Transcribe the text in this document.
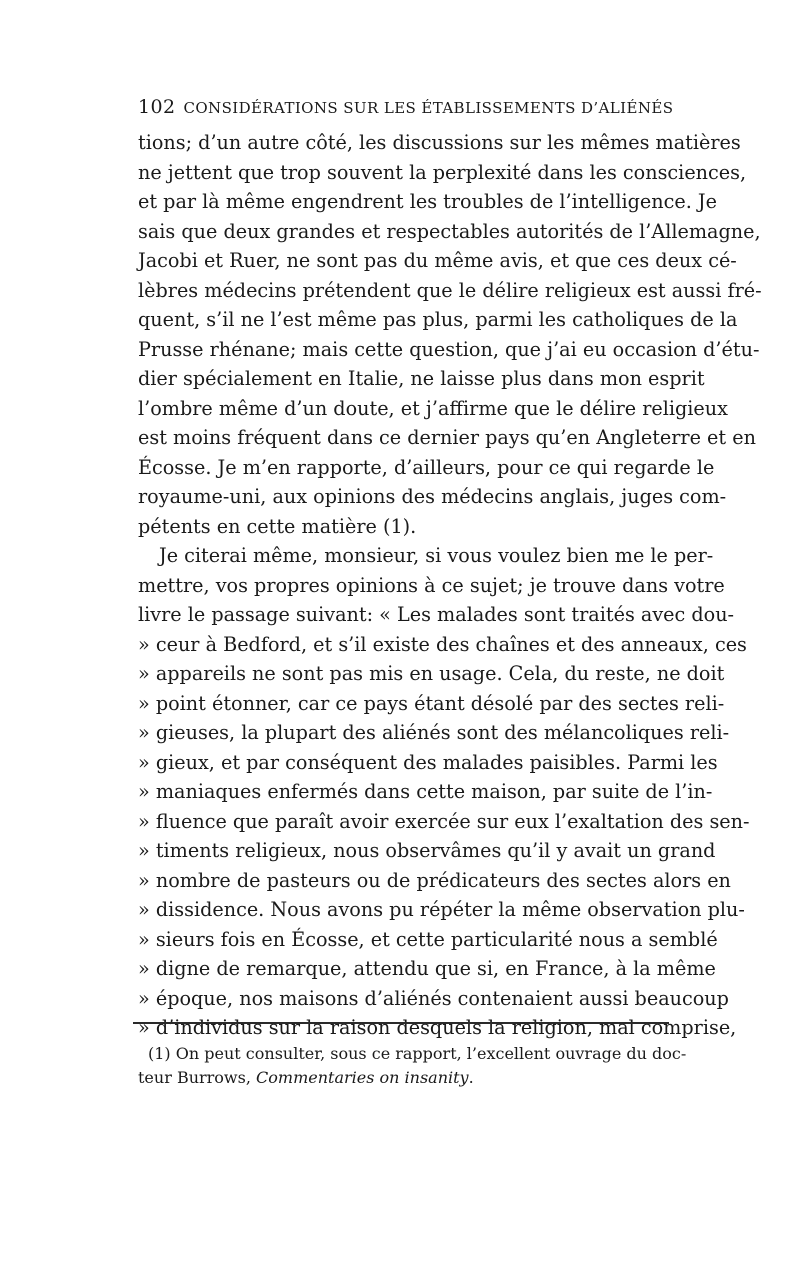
102 CONSIDÉRATIONS SUR LES ÉTABLISSEMENTS D’ALIÉNÉS
tions; d’un autre côté, les discussions sur les mêmes matières
ne jettent que trop souvent la perplexité dans les consciences,
et par là même engendrent les troubles de l’intelligence. Je
sais que deux grandes et respectables autorités de l’Allemagne,
Jacobi et Ruer, ne sont pas du même avis, et que ces deux cé-
lèbres médecins prétendent que le délire religieux est aussi fré-
quent, s’il ne l’est même pas plus, parmi les catholiques de la
Prusse rhénane; mais cette question, que j’ai eu occasion d’étu-
dier spécialement en Italie, ne laisse plus dans mon esprit
l’ombre même d’un doute, et j’affirme que le délire religieux
est moins fréquent dans ce dernier pays qu’en Angleterre et en
Écosse. Je m’en rapporte, d’ailleurs, pour ce qui regarde le
royaume-uni, aux opinions des médecins anglais, juges com-
pétents en cette matière (1).
Je citerai même, monsieur, si vous voulez bien me le per-
mettre, vos propres opinions à ce sujet; je trouve dans votre
livre le passage suivant: « Les malades sont traités avec dou-
» ceur à Bedford, et s’il existe des chaînes et des anneaux, ces
» appareils ne sont pas mis en usage. Cela, du reste, ne doit
» point étonner, car ce pays étant désolé par des sectes reli-
» gieuses, la plupart des aliénés sont des mélancoliques reli-
» gieux, et par conséquent des malades paisibles. Parmi les
» maniaques enfermés dans cette maison, par suite de l’in-
» fluence que paraît avoir exercée sur eux l’exaltation des sen-
» timents religieux, nous observâmes qu’il y avait un grand
» nombre de pasteurs ou de prédicateurs des sectes alors en
» dissidence. Nous avons pu répéter la même observation plu-
» sieurs fois en Écosse, et cette particularité nous a semblé
» digne de remarque, attendu que si, en France, à la même
» époque, nos maisons d’aliénés contenaient aussi beaucoup
» d’individus sur la raison desquels la religion, mal comprise,
(1) On peut consulter, sous ce rapport, l’excellent ouvrage du doc-
teur Burrows, Commentaries on insanity.
